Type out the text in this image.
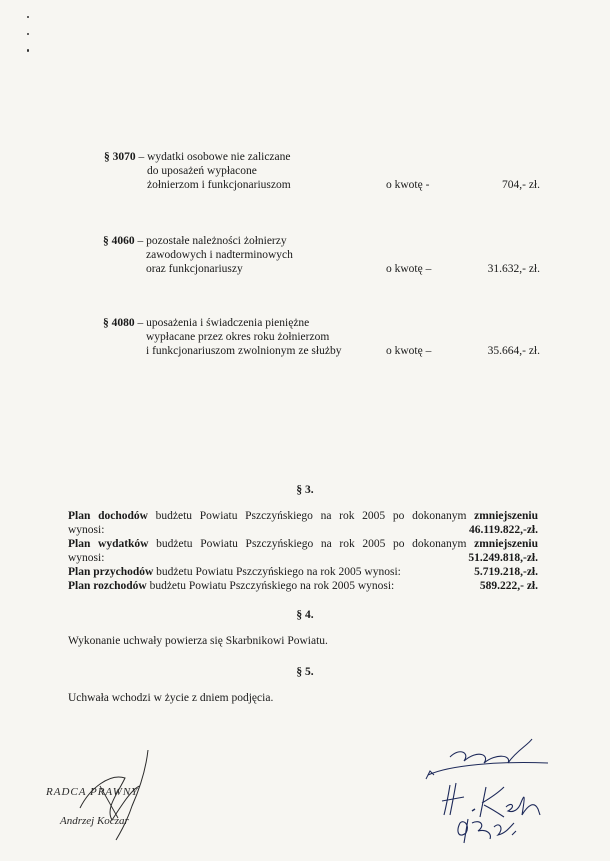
§ 3070 – wydatki osobowe nie zaliczane
do uposażeń wypłacone
żołnierzom i funkcjonariuszom	o kwotę -	704,- zł.
§ 4060 – pozostałe należności żołnierzy
zawodowych i nadterminowych
oraz funkcjonariuszy	o kwotę –	31.632,- zł.
§ 4080 – uposażenia i świadczenia pieniężne
wypłacane przez okres roku żołnierzom
i funkcjonariuszom zwolnionym ze służby	o kwotę –	35.664,- zł.
§ 3.
Plan dochodów budżetu Powiatu Pszczyńskiego na rok 2005 po dokonanym zmniejszeniu
wynosi:	46.119.822,-zł.
Plan wydatków budżetu Powiatu Pszczyńskiego na rok 2005 po dokonanym zmniejszeniu
wynosi:	51.249.818,-zł.
Plan przychodów budżetu Powiatu Pszczyńskiego na rok 2005 wynosi:	5.719.218,-zł.
Plan rozchodów budżetu Powiatu Pszczyńskiego na rok 2005 wynosi:	589.222,- zł.
§ 4.
Wykonanie uchwały powierza się Skarbnikowi Powiatu.
§ 5.
Uchwała wchodzi w życie z dniem podjęcia.
RADCA PRAWNY
Andrzej Koczar
